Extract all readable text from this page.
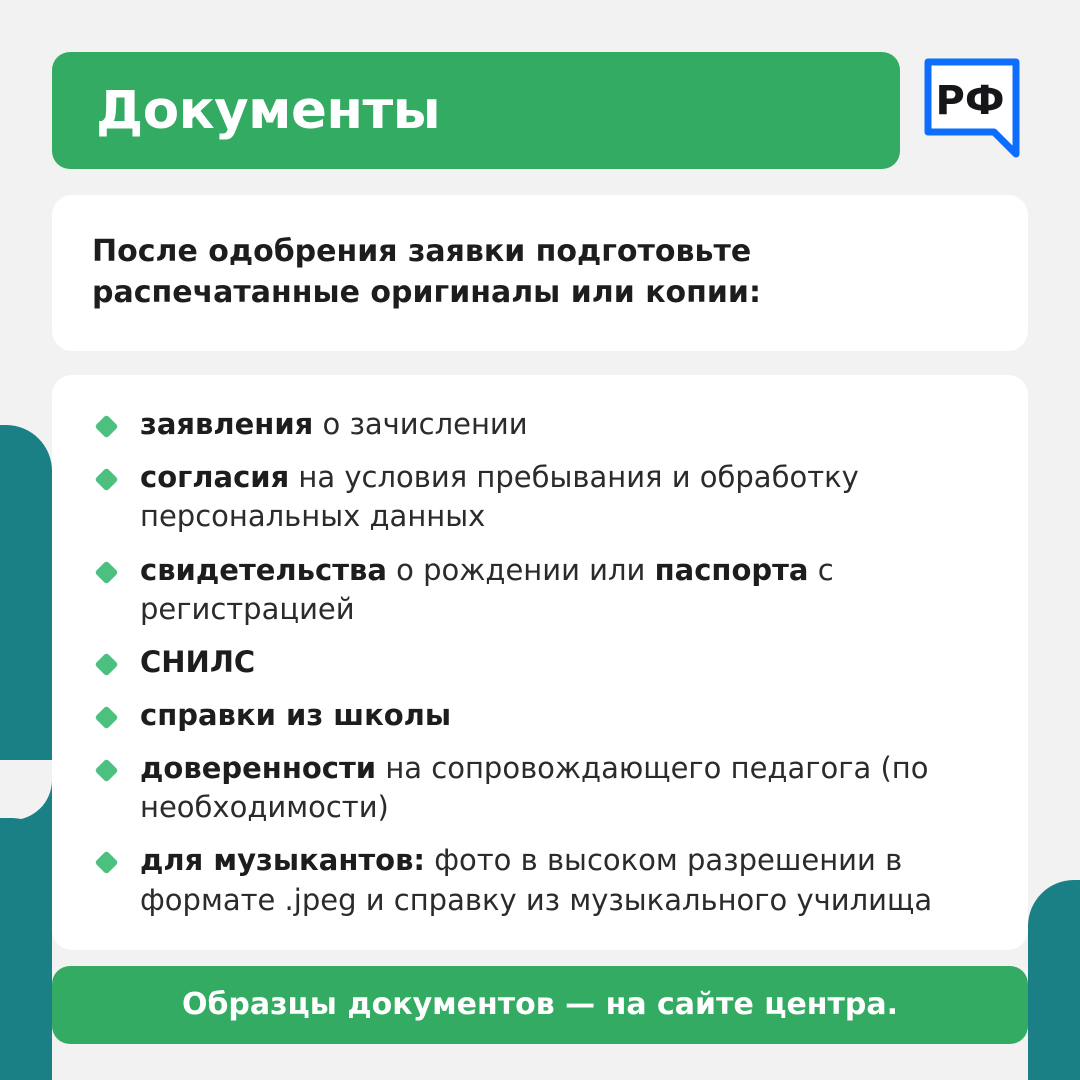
Документы	РФ

После одобрения заявки подготовьте

распечатанные оригиналы или копии:

заявления о зачислении
согласия на условия пребывания и обработку персональных данных
свидетельства о рождении или паспорта с регистрацией
СНИЛС
справки из школы
доверенности на сопровождающего педагога (по необходимости)
для музыкантов: фото в высоком разрешении в формате .jpeg и справку из музыкального училища
Образцы документов — на сайте центра.
